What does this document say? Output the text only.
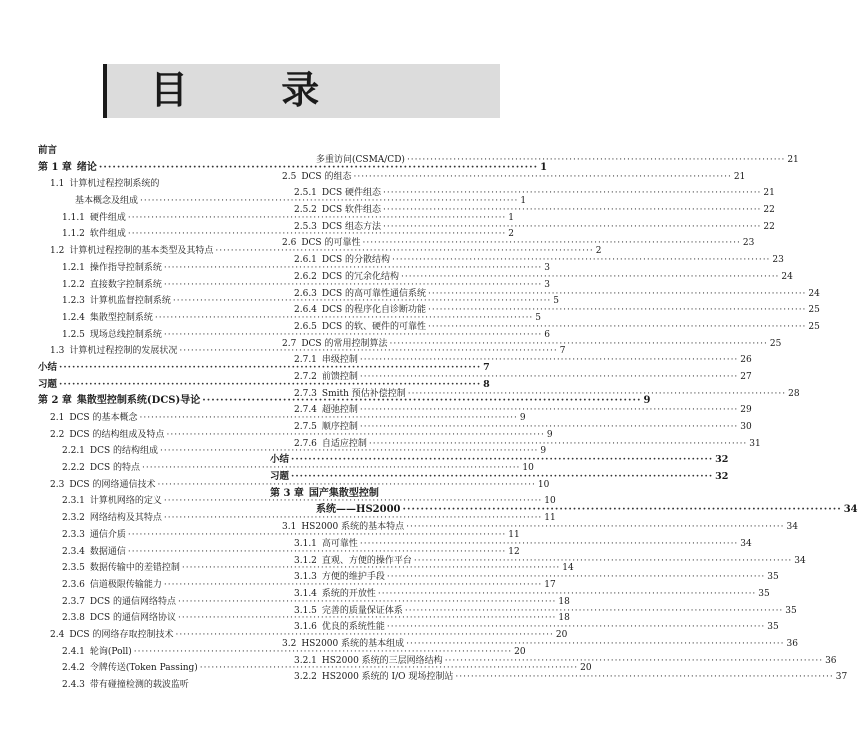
目 录
前言
第 1 章 绪论 ·····	1
1.1 计算机过程控制系统的
基本概念及组成 ·····	1
1.1.1 硬件组成 ·····	1
1.1.2 软件组成 ·····	2
1.2 计算机过程控制的基本类型及其特点 ·····	2
1.2.1 操作指导控制系统 ·····	3
1.2.2 直接数字控制系统 ·····	3
1.2.3 计算机监督控制系统 ·····	5
1.2.4 集散型控制系统 ·····	5
1.2.5 现场总线控制系统 ·····	6
1.3 计算机过程控制的发展状况 ·····	7
小结 ·····	7
习题 ·····	8
第 2 章 集散型控制系统(DCS)导论 ·····	9
2.1 DCS 的基本概念 ·····	9
2.2 DCS 的结构组成及特点 ·····	9
2.2.1 DCS 的结构组成 ·····	9
2.2.2 DCS 的特点 ·····	10
2.3 DCS 的网络通信技术 ·····	10
2.3.1 计算机网络的定义 ·····	10
2.3.2 网络结构及其特点 ·····	11
2.3.3 通信介质 ·····	11
2.3.4 数据通信 ·····	12
2.3.5 数据传输中的差错控制 ·····	14
2.3.6 信道极限传输能力 ·····	17
2.3.7 DCS 的通信网络特点 ·····	18
2.3.8 DCS 的通信网络协议 ·····	18
2.4 DCS 的网络存取控制技术 ·····	20
2.4.1 轮询(Poll) ·····	20
2.4.2 令牌传送(Token Passing) ·····	20
2.4.3 带有碰撞检测的载波监听
多重访问(CSMA/CD) ·····	21
2.5 DCS 的组态 ·····	21
2.5.1 DCS 硬件组态 ·····	21
2.5.2 DCS 软件组态 ·····	22
2.5.3 DCS 组态方法 ·····	22
2.6 DCS 的可靠性 ·····	23
2.6.1 DCS 的分散结构 ·····	23
2.6.2 DCS 的冗余化结构 ·····	24
2.6.3 DCS 的高可靠性通信系统 ·····	24
2.6.4 DCS 的程序化自诊断功能 ·····	25
2.6.5 DCS 的软、硬件的可靠性 ·····	25
2.7 DCS 的常用控制算法 ·····	25
2.7.1 串级控制 ·····	26
2.7.2 前馈控制 ·····	27
2.7.3 Smith 预估补偿控制 ·····	28
2.7.4 超弛控制 ·····	29
2.7.5 顺序控制 ·····	30
2.7.6 自适应控制 ·····	31
小结 ·····	32
习题 ·····	32
第 3 章 国产集散型控制
系统——HS2000 ·····	34
3.1 HS2000 系统的基本特点 ·····	34
3.1.1 高可靠性 ·····	34
3.1.2 直观、方便的操作平台 ·····	34
3.1.3 方便的维护手段 ·····	35
3.1.4 系统的开放性 ·····	35
3.1.5 完善的质量保证体系 ·····	35
3.1.6 优良的系统性能 ·····	35
3.2 HS2000 系统的基本组成 ·····	36
3.2.1 HS2000 系统的三层网络结构 ·····	36
3.2.2 HS2000 系统的 I/O 现场控制站 ·····	37
